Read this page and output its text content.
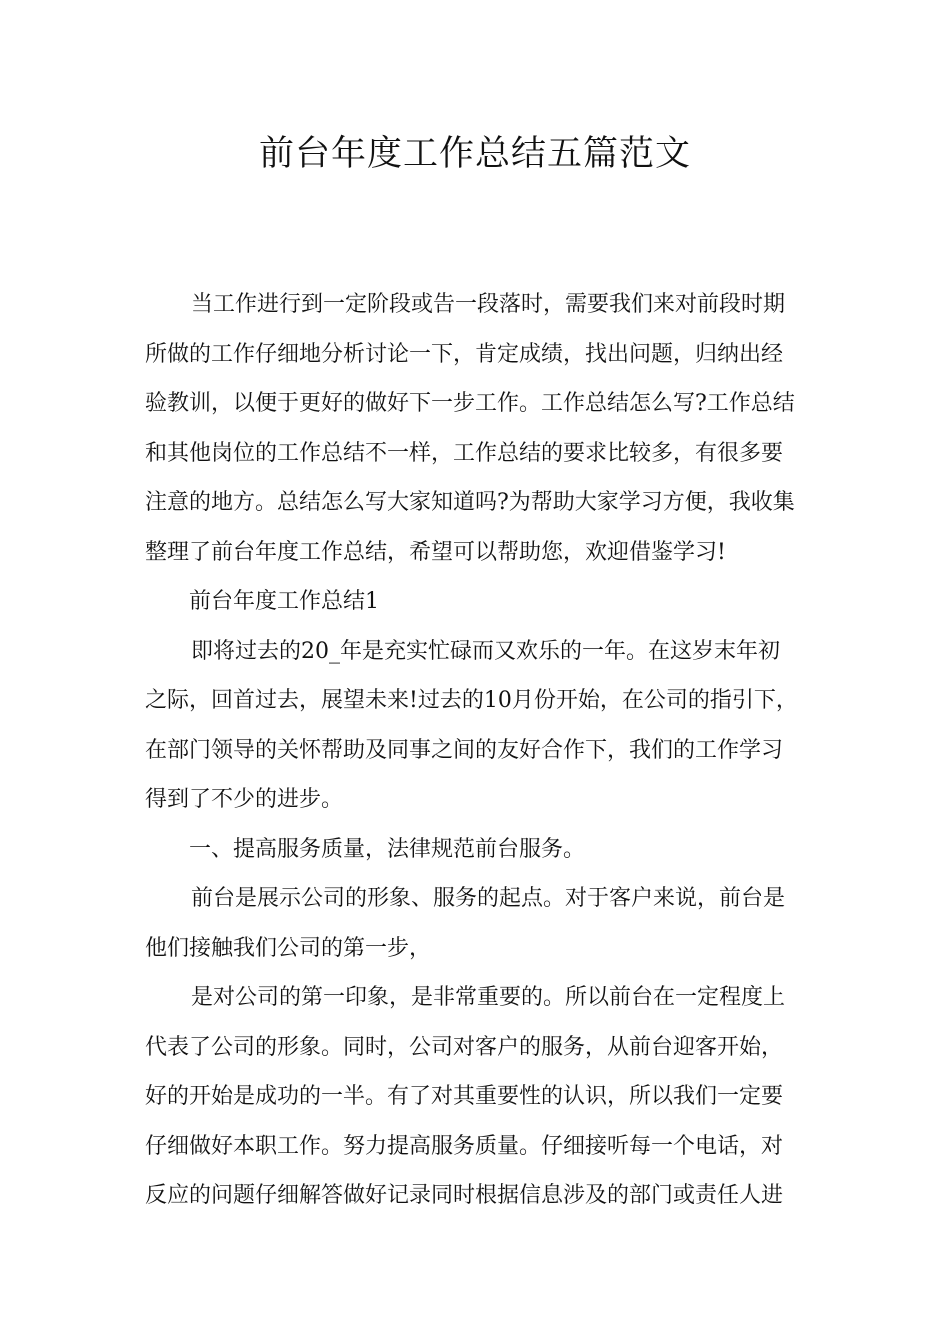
前台年度工作总结五篇范文

当工作进行到一定阶段或告一段落时，需要我们来对前段时期

所做的工作仔细地分析讨论一下，肯定成绩，找出问题，归纳出经

验教训，以便于更好的做好下一步工作。工作总结怎么写?工作总结

和其他岗位的工作总结不一样，工作总结的要求比较多，有很多要

注意的地方。总结怎么写大家知道吗?为帮助大家学习方便，我收集

整理了前台年度工作总结，希望可以帮助您，欢迎借鉴学习!

前台年度工作总结1

即将过去的20_年是充实忙碌而又欢乐的一年。在这岁末年初

之际，回首过去，展望未来!过去的10月份开始，在公司的指引下，

在部门领导的关怀帮助及同事之间的友好合作下，我们的工作学习

得到了不少的进步。

一、提高服务质量，法律规范前台服务。

前台是展示公司的形象、服务的起点。对于客户来说，前台是

他们接触我们公司的第一步，

是对公司的第一印象，是非常重要的。所以前台在一定程度上

代表了公司的形象。同时，公司对客户的服务，从前台迎客开始，

好的开始是成功的一半。有了对其重要性的认识，所以我们一定要

仔细做好本职工作。努力提高服务质量。仔细接听每一个电话，对

反应的问题仔细解答做好记录同时根据信息涉及的部门或责任人进
